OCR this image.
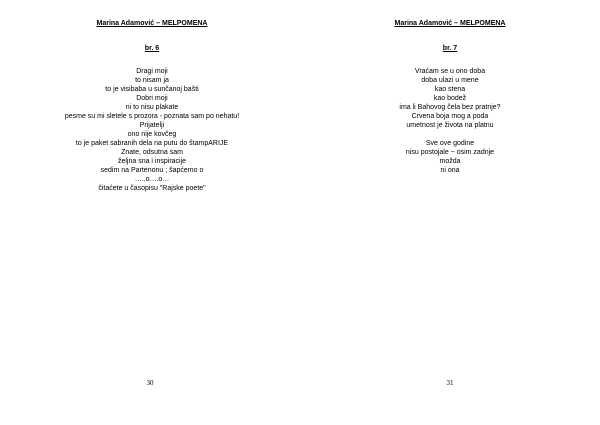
Marina Adamović – MELPOMENA
br. 6
Dragi moji
to nisam ja
to je visibaba u sunčanoj bašti
Dobri moji
ni to nisu plakate
pesme su mi sletele s prozora - poznata sam po nehatu!
Prijatelji
ono nije kovčeg
to je paket sabranih dela na putu do štampARIJE
Znate, odsutna sam
željna sna i inspiracije
sedim na Partenonu ; šapćemo o
…..o….o…
čitaćete u časopisu "Rajske poete"
30
Marina Adamović – MELPOMENA
br. 7
Vraćam se u ono doba
doba ulazi u mene
kao stena
kao bodež
ima li Bahovog čela bez pratnje?
Crvena boja mog a poda
umetnost je života na platnu
Sve ove godine
nisu postojale ~ osim zadnje
možda
ni ona
31
